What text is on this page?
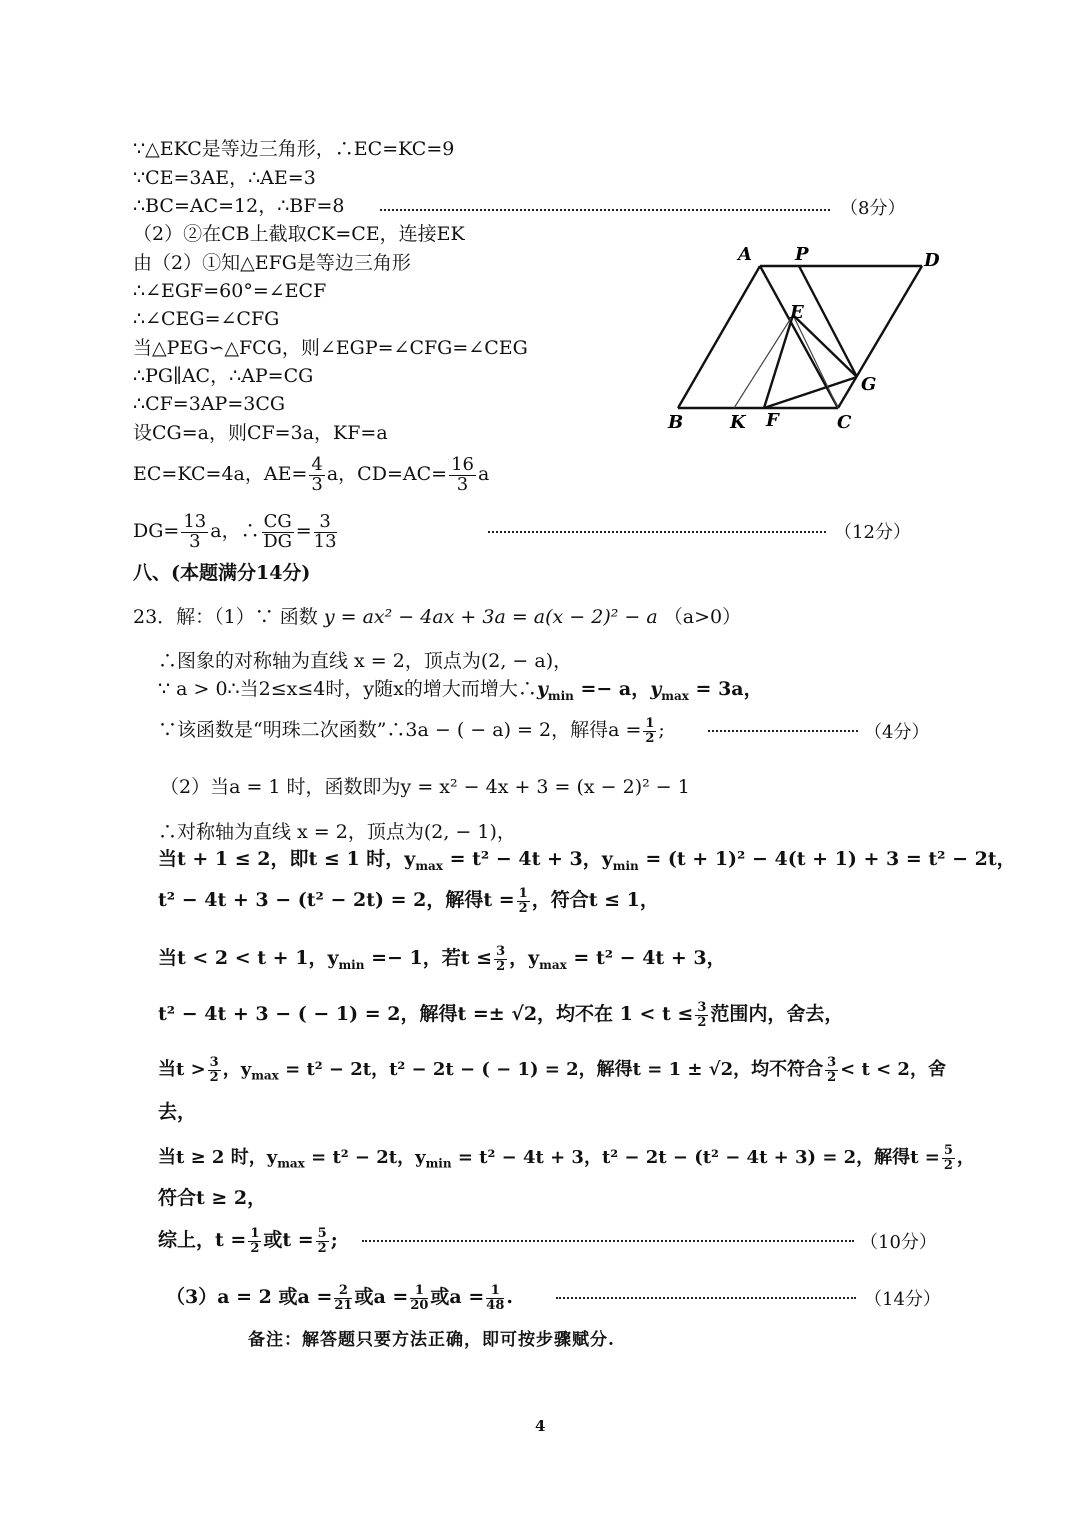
∵△EKC是等边三角形，∴EC=KC=9
∵CE=3AE，∴AE=3
∴BC=AC=12，∴BF=8	（8分）
（2）②在CB上截取CK=CE，连接EK
由（2）①知△EFG是等边三角形
∴∠EGF=60°=∠ECF
∴∠CEG=∠CFG
当△PEG∽△FCG，则∠EGP=∠CFG=∠CEG
∴PG∥AC，∴AP=CG
∴CF=3AP=3CG
设CG=a，则CF=3a，KF=a
EC=KC=4a，$AE= \frac{4}{3}$ a，$CD=AC= \frac{16}{3}$ a
$DG= \frac{13}{3}$ a，∴ $\frac{CG}{DG} = \frac{3}{13}$	（12分）
A P	D
E
G
B	K F	C
八、(本题满分14分)
23．解：（1）∵ 函数 y = ax² − 4ax + 3a = a(x − 2)² − a （a>0）
∴图象的对称轴为直线 x = 2，顶点为(2, − a)，
∵ a > 0∴当2≤x≤4时，y随x的增大而增大$\therefore y_{min} =- a$，$y_{max} = 3a$，
∵该函数是“明珠二次函数”∴3a − ( − a) = 2，解得$a = \frac{1}{2}$ ;	（4分）
（2）当a = 1 时，函数即为y = x² − 4x + 3 = (x − 2)² − 1
∴对称轴为直线 x = 2，顶点为(2, − 1)，
当t + 1 ≤ 2，即t ≤ 1 时，$y_{max} = t^2 - 4t + 3$，$y_{min} = (t + 1)^2 - 4(t + 1) + 3 = t^2 - 2t$，
t² − 4t + 3 − (t² − 2t) = 2，解得$t = \frac{1}{2}$ ，符合t ≤ 1，
当t < 2 < t + 1，$y_{min} =- 1$，若$t \le \frac{3}{2}$ ，$y_{max} = t^2 - 4t + 3$，
t² − 4t + 3 − ( − 1) = 2，解得t =± √2，均不在 $1 < t \le \frac{3}{2}$ 范围内，舍去，
当$t > \frac{3}{2}$ ，$y_{max} = t^2 - 2t$，t² − 2t − ( − 1) = 2，解得t = 1 ± √2，均不符合 $\frac{3}{2} < t < 2$，舍
去，
当t ≥ 2 时，$y_{max} = t^2 - 2t$，$y_{min} = t^2 - 4t + 3$，t² − 2t − (t² − 4t + 3) = 2，解得$t = \frac{5}{2}$ ，
符合t ≥ 2，
综上，$t = \frac{1}{2}$ 或$t = \frac{5}{2}$ ;	（10分）
（3）a = 2 或$a = \frac{2}{21}$ 或$a = \frac{1}{20}$ 或$a = \frac{1}{48}$ .	（14分）
备注：解答题只要方法正确，即可按步骤赋分.
4
